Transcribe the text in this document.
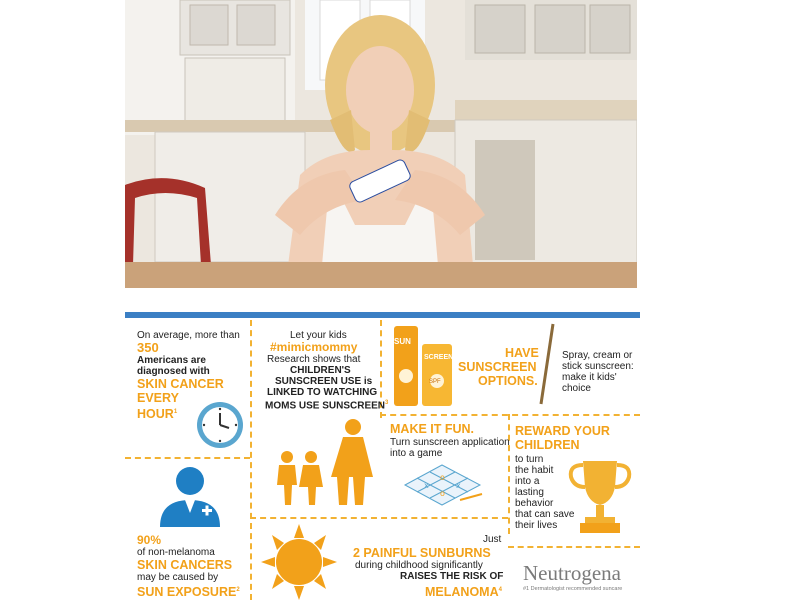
On average, more than
350
Americans are
diagnosed with
SKIN CANCER
EVERY
HOUR$^1$
Let your kids
#mimicmommy
Research shows that
CHILDREN'S
SUNSCREEN USE is
LINKED TO WATCHING
MOMS USE SUNSCREEN$^3$
SUN
SCREEN
SPF
HAVE
SUNSCREEN
OPTIONS.
Spray, cream or
stick sunscreen:
make it kids'
choice
90%
of non-melanoma
SKIN CANCERS
may be caused by
SUN EXPOSURE$^2$
MAKE IT FUN.
Turn sunscreen application
into a game
x
o
x
o
REWARD YOUR
CHILDREN
to turn
the habit
into a
lasting
behavior
that can save
their lives
Just
2 PAINFUL SUNBURNS
during childhood significantly
RAISES THE RISK OF
MELANOMA$^4$
Neutrogena
#1 Dermatologist recommended suncare
